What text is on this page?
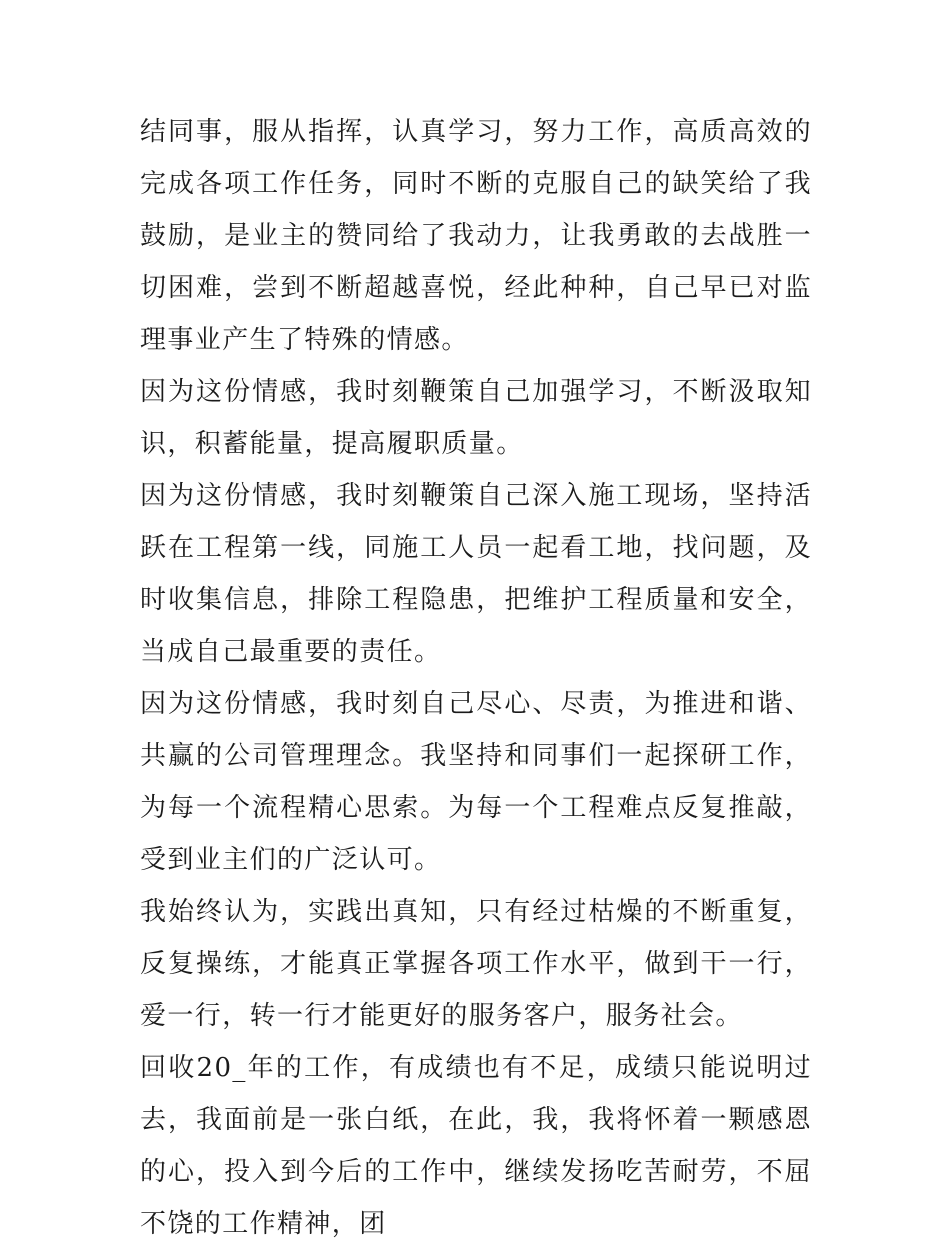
结同事，服从指挥，认真学习，努力工作，高质高效的完成各项工作任务，同时不断的克服自己的缺笑给了我鼓励，是业主的赞同给了我动力，让我勇敢的去战胜一切困难，尝到不断超越喜悦，经此种种，自己早已对监理事业产生了特殊的情感。

因为这份情感，我时刻鞭策自己加强学习，不断汲取知识，积蓄能量，提高履职质量。

因为这份情感，我时刻鞭策自己深入施工现场，坚持活跃在工程第一线，同施工人员一起看工地，找问题，及时收集信息，排除工程隐患，把维护工程质量和安全，当成自己最重要的责任。

因为这份情感，我时刻自己尽心、尽责，为推进和谐、共赢的公司管理理念。我坚持和同事们一起探研工作，为每一个流程精心思索。为每一个工程难点反复推敲，受到业主们的广泛认可。

我始终认为，实践出真知，只有经过枯燥的不断重复，反复操练，才能真正掌握各项工作水平，做到干一行，爱一行，转一行才能更好的服务客户，服务社会。

回收20_年的工作，有成绩也有不足，成绩只能说明过去，我面前是一张白纸，在此，我，我将怀着一颗感恩的心，投入到今后的工作中，继续发扬吃苦耐劳，不屈不饶的工作精神，团
